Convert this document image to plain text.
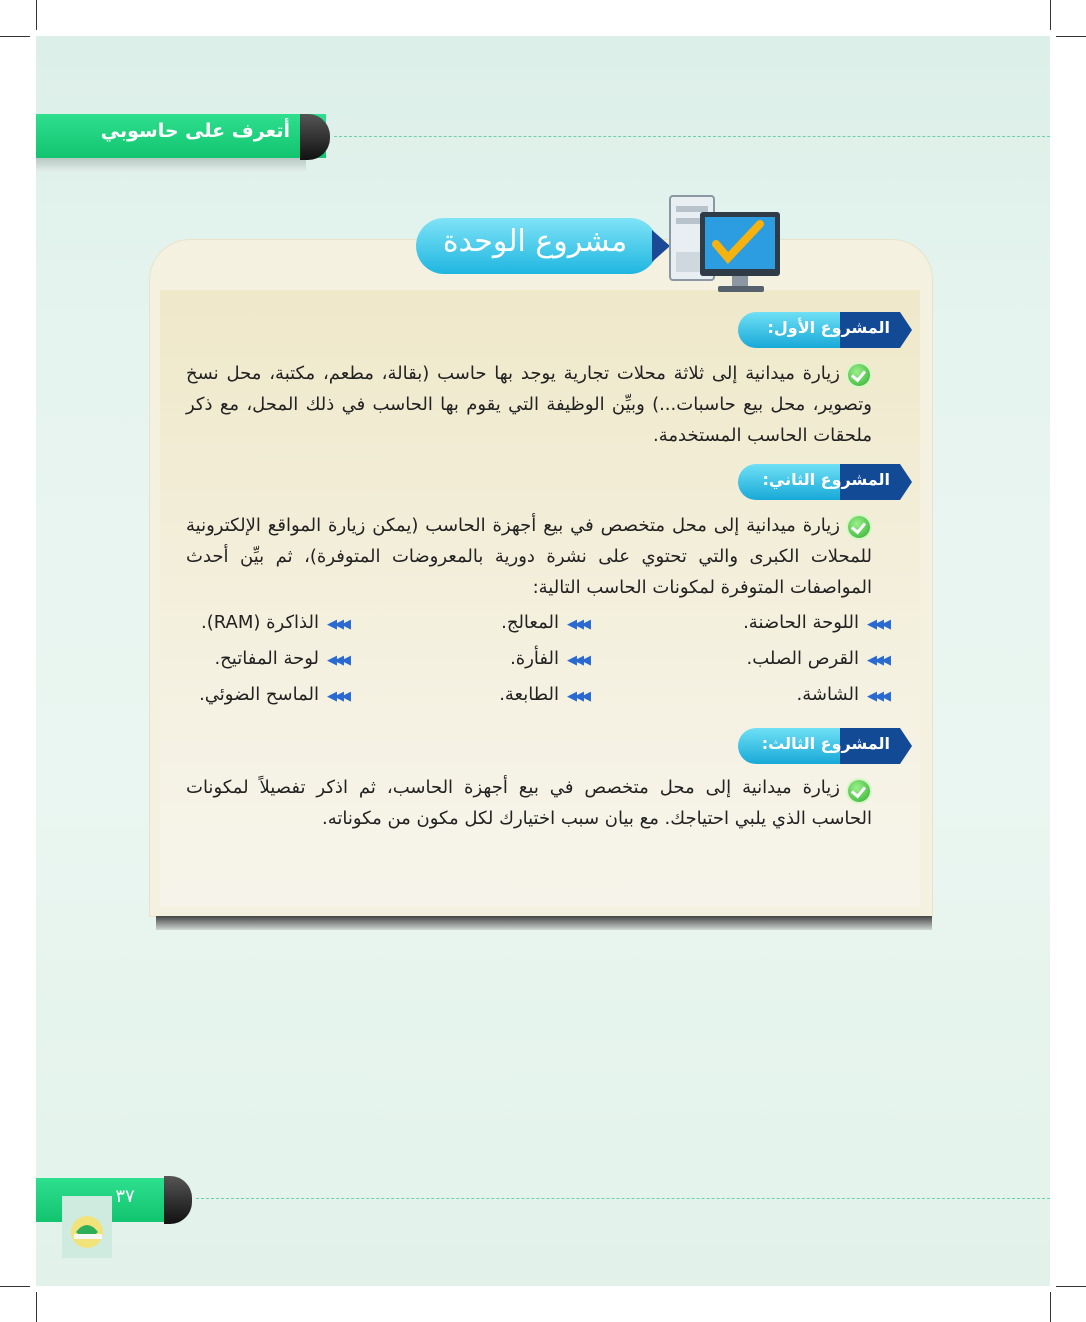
أتعرف على حاسوبي
مشروع الوحدة
المشروع الأول:
زيارة ميدانية إلى ثلاثة محلات تجارية يوجد بها حاسب (بقالة، مطعم، مكتبة، محل نسخ وتصوير، محل بيع حاسبات...) وبيِّن الوظيفة التي يقوم بها الحاسب في ذلك المحل، مع ذكر ملحقات الحاسب المستخدمة.
المشروع الثاني:
زيارة ميدانية إلى محل متخصص في بيع أجهزة الحاسب (يمكن زيارة المواقع الإلكترونية للمحلات الكبرى والتي تحتوي على نشرة دورية بالمعروضات المتوفرة)، ثم بيِّن أحدث المواصفات المتوفرة لمكونات الحاسب التالية:
◀◀◀اللوحة الحاضنة.
◀◀◀المعالج.
◀◀◀الذاكرة (RAM).
◀◀◀القرص الصلب.
◀◀◀الفأرة.
◀◀◀لوحة المفاتيح.
◀◀◀الشاشة.
◀◀◀الطابعة.
◀◀◀الماسح الضوئي.
المشروع الثالث:
زيارة ميدانية إلى محل متخصص في بيع أجهزة الحاسب، ثم اذكر تفصيلاً لمكونات الحاسب الذي يلبي احتياجك. مع بيان سبب اختيارك لكل مكون من مكوناته.
٣٧
